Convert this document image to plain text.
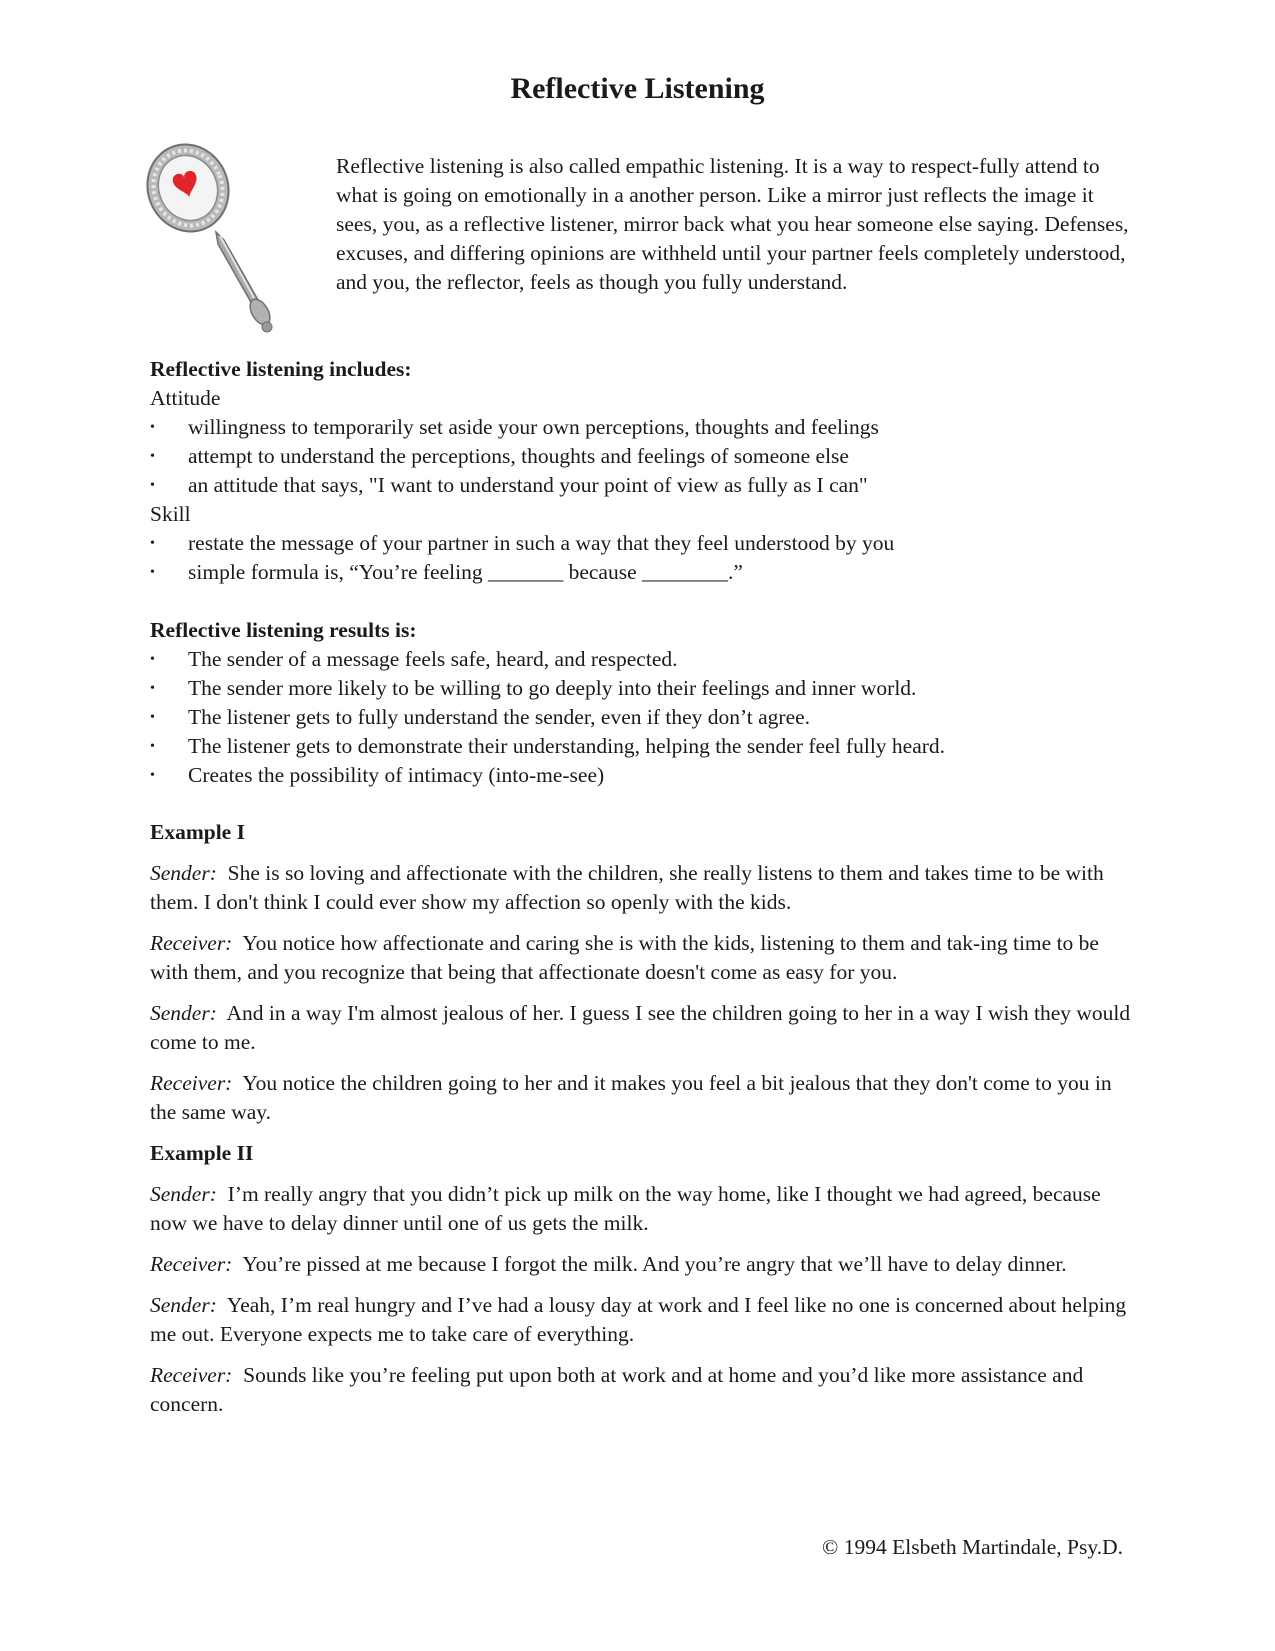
Reflective Listening
Reflective listening is also called empathic listening. It is a way to respect-fully attend to what is going on emotionally in a another person. Like a mirror just reflects the image it sees, you, as a reflective listener, mirror back what you hear someone else saying. Defenses, excuses, and differing opinions are withheld until your partner feels completely understood, and you, the reflector, feels as though you fully understand.
Reflective listening includes:
Attitude
• willingness to temporarily set aside your own perceptions, thoughts and feelings
• attempt to understand the perceptions, thoughts and feelings of someone else
• an attitude that says, "I want to understand your point of view as fully as I can"
Skill
• restate the message of your partner in such a way that they feel understood by you
• simple formula is, “You’re feeling _______ because ________.”
Reflective listening results is:
• The sender of a message feels safe, heard, and respected.
• The sender more likely to be willing to go deeply into their feelings and inner world.
• The listener gets to fully understand the sender, even if they don’t agree.
• The listener gets to demonstrate their understanding, helping the sender feel fully heard.
• Creates the possibility of intimacy (into-me-see)
Example I

Sender: She is so loving and affectionate with the children, she really listens to them and takes time to be with them. I don't think I could ever show my affection so openly with the kids.

Receiver: You notice how affectionate and caring she is with the kids, listening to them and tak-ing time to be with them, and you recognize that being that affectionate doesn't come as easy for you.

Sender: And in a way I'm almost jealous of her. I guess I see the children going to her in a way I wish they would come to me.

Receiver: You notice the children going to her and it makes you feel a bit jealous that they don't come to you in the same way.

Example II

Sender: I’m really angry that you didn’t pick up milk on the way home, like I thought we had agreed, because now we have to delay dinner until one of us gets the milk.

Receiver: You’re pissed at me because I forgot the milk. And you’re angry that we’ll have to delay dinner.

Sender: Yeah, I’m real hungry and I’ve had a lousy day at work and I feel like no one is concerned about helping me out. Everyone expects me to take care of everything.

Receiver: Sounds like you’re feeling put upon both at work and at home and you’d like more assistance and concern.

© 1994 Elsbeth Martindale, Psy.D.
